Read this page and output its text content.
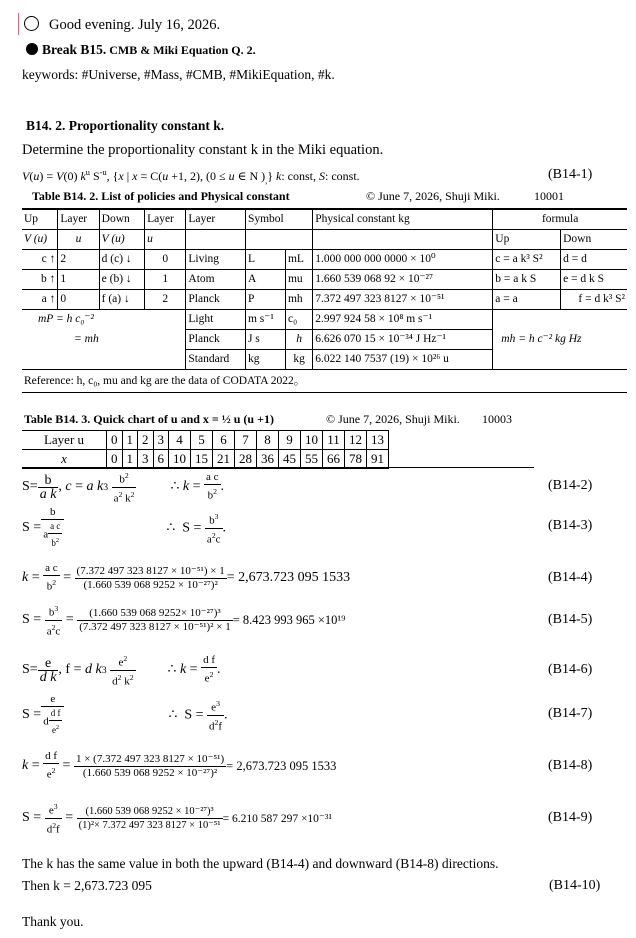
Good evening. July 16, 2026.
Break B15. CMB & Miki Equation Q. 2.
keywords: #Universe, #Mass, #CMB, #MikiEquation, #k.
B14. 2. Proportionality constant k.
Determine the proportionality constant k in the Miki equation.
V(u) = V(0) $k^u$ $S^{-u}$, {x | x = C(u +1, 2), (0 ≤ u ∈ N )$_,$} k: const, S: const.	(B14-1)
Table B14. 2. List of policies and Physical constant	© June 7, 2026, Shuji Miki.	10001
Up	Layer	Down	Layer	Layer	Symbol		Physical constant kg	formula	
V (u)	u	V (u)	u					Up	Down
c ↑	2	d (c) ↓	0	Living	L	mL	1.000 000 000 0000 × 10⁰	c = a k³ S²	d = d
b ↑	1	e (b) ↓	1	Atom	A	mu	1.660 539 068 92 × 10⁻²⁷	b = a k S	e = d k S
a ↑	0	f (a) ↓	2	Planck	P	mh	7.372 497 323 8127 × 10⁻⁵¹	a = a	f = d k³ S²
mP = h c₀⁻²				Light	m s⁻¹	c₀	2.997 924 58 × 10⁸ m s⁻¹		
= mh				Planck	J s	h	6.626 070 15 × 10⁻³⁴ J Hz⁻¹	mh = h c⁻² kg Hz	
				Standard	kg	kg	6.022 140 7537 (19) × 10²⁶ u		
Reference: h, c₀, mu and kg are the data of CODATA 2022。									
Table B14. 3. Quick chart of u and x = ½ u (u +1)	© June 7, 2026, Shuji Miki. 10003
Layer u	0	1	2	3	4	5	6	7	8	9	10	11	12	13
x	0	1	3	6	10	15	21	28	36	45	55	66	78	91
$S= \frac{b}{\text{a k}}$ , c = a k 3
$\frac{b^2}{a^2 k^2}$ ∴ $k = \frac{\text{a c}}{b^2}$ .	(B14-2)
$S = \frac{b}{a \frac{\text{a c}}{b^2}}$	∴  $S = \frac{b^3}{a^2c}$ .	(B14-3)
$k = \frac{\text{a c}}{b^2} = \frac{\text{(7.372 497 323 8127 × 10⁻⁵¹) × 1}}{\text{(1.660 539 068 9252 × 10⁻²⁷)²}} = 2,673.723$ 095 1533	(B14-4)
$S = \frac{b^3}{a^2c} = \frac{\text{(1.660 539 068 9252× 10⁻²⁷)³}}{\text{(7.372 497 323 8127 × 10⁻⁵¹)² × 1}} = 8.423$ 993 965 ×10¹⁹	(B14-5)
$S= \frac{e}{\text{d k}}$ , f = d k 3
$\frac{e^2}{d^2 k^2}$ ∴ $k = \frac{\text{d f}}{e^2}$ .	(B14-6)
$S = \frac{e}{d \frac{\text{d f}}{e^2}}$	∴  $S = \frac{e^3}{d^2f}$ .	(B14-7)
$k = \frac{\text{d f}}{e^2} = \frac{\text{1 × (7.372 497 323 8127 × 10⁻⁵¹)}}{\text{(1.660 539 068 9252 × 10⁻²⁷)²}} = 2,673.723$ 095 1533	(B14-8)
$S = \frac{e^3}{d^2f} = \frac{\text{(1.660 539 068 9252 × 10⁻²⁷)³}}{\text{(1)²× 7.372 497 323 8127 × 10⁻⁵¹}} = 6.210$ 587 297 ×10⁻³¹	(B14-9)
The k has the same value in both the upward (B14-4) and downward (B14-8) directions.
Then k = 2,673.723 095	(B14-10)
Thank you.
